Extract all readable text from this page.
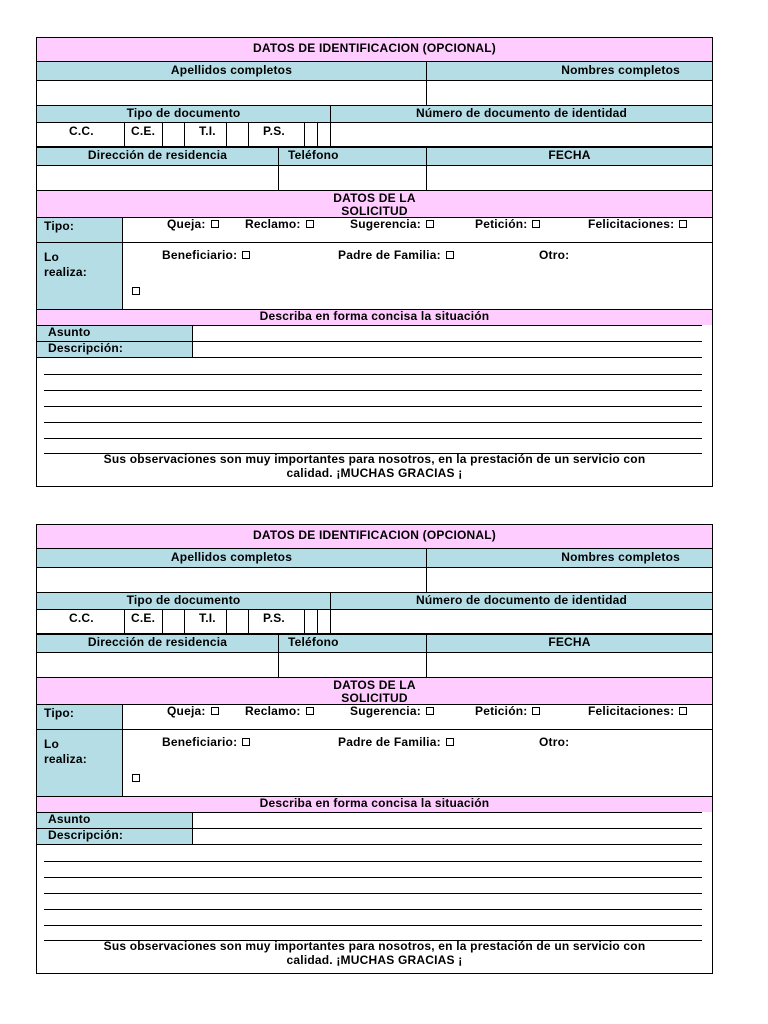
DATOS DE IDENTIFICACION (OPCIONAL)
Apellidos completos	Nombres completos
Tipo de documento	Número de documento de identidad
C.C.	C.E.	T.I.	P.S.
Dirección de residencia	Teléfono	FECHA
DATOS DE LA
SOLICITUD
Tipo:	Queja:	Reclamo:	Sugerencia:	Petición:	Felicitaciones:
Lo
realiza:
Beneficiario:	Padre de Familia:	Otro:
Describa en forma concisa la situación
Asunto
Descripción:
Sus observaciones son muy importantes para nosotros, en la prestación de un servicio con
calidad. ¡MUCHAS GRACIAS ¡
DATOS DE IDENTIFICACION (OPCIONAL)
Apellidos completos	Nombres completos
Tipo de documento	Número de documento de identidad
C.C.	C.E.	T.I.	P.S.
Dirección de residencia	Teléfono	FECHA
DATOS DE LA
SOLICITUD
Tipo:	Queja:	Reclamo:	Sugerencia:	Petición:	Felicitaciones:
Lo
realiza:
Beneficiario:	Padre de Familia:	Otro:
Describa en forma concisa la situación
Asunto
Descripción:
Sus observaciones son muy importantes para nosotros, en la prestación de un servicio con
calidad. ¡MUCHAS GRACIAS ¡
